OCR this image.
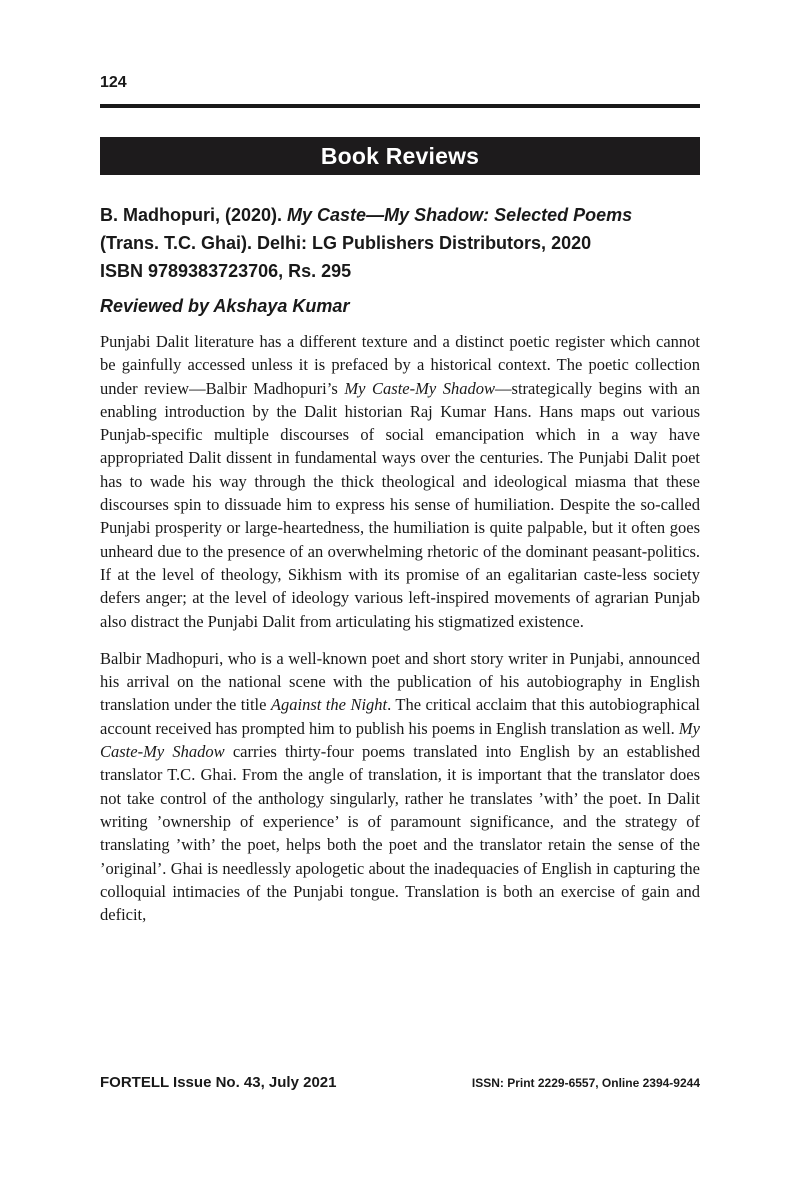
124
Book Reviews
B. Madhopuri, (2020). My Caste—My Shadow: Selected Poems
(Trans. T.C. Ghai). Delhi: LG Publishers Distributors, 2020
ISBN 9789383723706, Rs. 295
Reviewed by Akshaya Kumar

Punjabi Dalit literature has a different texture and a distinct poetic register which cannot be gainfully accessed unless it is prefaced by a historical context. The poetic collection under review—Balbir Madhopuri’s My Caste-My Shadow—strategically begins with an enabling introduction by the Dalit historian Raj Kumar Hans. Hans maps out various Punjab-specific multiple discourses of social emancipation which in a way have appropriated Dalit dissent in fundamental ways over the centuries. The Punjabi Dalit poet has to wade his way through the thick theological and ideological miasma that these discourses spin to dissuade him to express his sense of humiliation. Despite the so-called Punjabi prosperity or large-heartedness, the humiliation is quite palpable, but it often goes unheard due to the presence of an overwhelming rhetoric of the dominant peasant-politics. If at the level of theology, Sikhism with its promise of an egalitarian caste-less society defers anger; at the level of ideology various left-inspired movements of agrarian Punjab also distract the Punjabi Dalit from articulating his stigmatized existence.

Balbir Madhopuri, who is a well-known poet and short story writer in Punjabi, announced his arrival on the national scene with the publication of his autobiography in English translation under the title Against the Night. The critical acclaim that this autobiographical account received has prompted him to publish his poems in English translation as well. My Caste-My Shadow carries thirty-four poems translated into English by an established translator T.C. Ghai. From the angle of translation, it is important that the translator does not take control of the anthology singularly, rather he translates ’with’ the poet. In Dalit writing ’ownership of experience’ is of paramount significance, and the strategy of translating ’with’ the poet, helps both the poet and the translator retain the sense of the ’original’. Ghai is needlessly apologetic about the inadequacies of English in capturing the colloquial intimacies of the Punjabi tongue. Translation is both an exercise of gain and deficit,

FORTELL Issue No. 43, July 2021	ISSN: Print 2229-6557, Online 2394-9244
